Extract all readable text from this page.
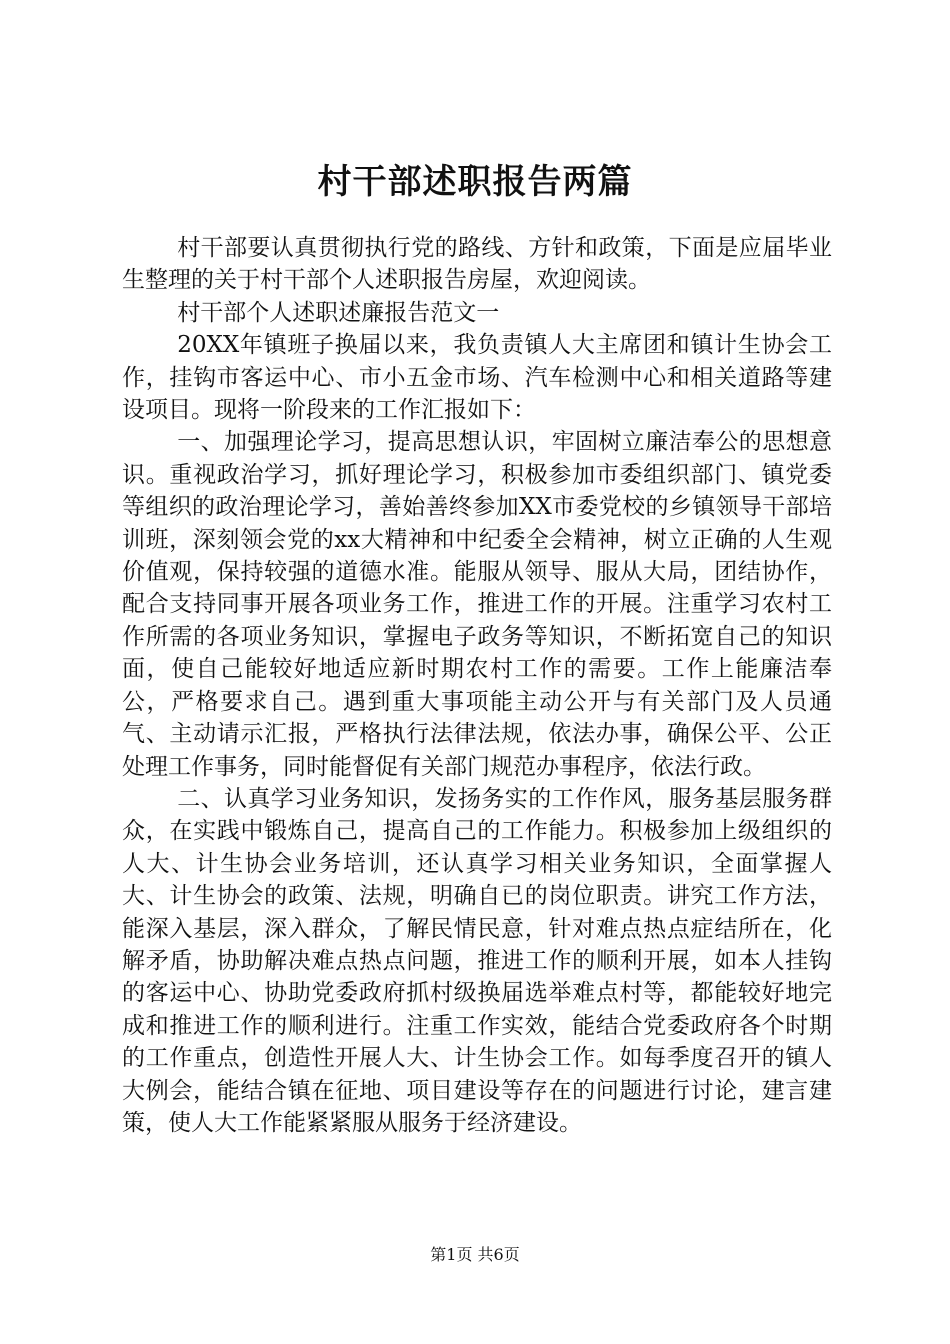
村干部述职报告两篇

村干部要认真贯彻执行党的路线、方针和政策，下面是应届毕业生整理的关于村干部个人述职报告房屋，欢迎阅读。

村干部个人述职述廉报告范文一

20XX年镇班子换届以来，我负责镇人大主席团和镇计生协会工作，挂钩市客运中心、市小五金市场、汽车检测中心和相关道路等建设项目。现将一阶段来的工作汇报如下：

一、加强理论学习，提高思想认识，牢固树立廉洁奉公的思想意识。重视政治学习，抓好理论学习，积极参加市委组织部门、镇党委等组织的政治理论学习，善始善终参加XX市委党校的乡镇领导干部培训班，深刻领会党的xx大精神和中纪委全会精神，树立正确的人生观价值观，保持较强的道德水准。能服从领导、服从大局，团结协作，配合支持同事开展各项业务工作，推进工作的开展。注重学习农村工作所需的各项业务知识，掌握电子政务等知识，不断拓宽自己的知识面，使自己能较好地适应新时期农村工作的需要。工作上能廉洁奉公，严格要求自己。遇到重大事项能主动公开与有关部门及人员通气、主动请示汇报，严格执行法律法规，依法办事，确保公平、公正处理工作事务，同时能督促有关部门规范办事程序，依法行政。

二、认真学习业务知识，发扬务实的工作作风，服务基层服务群众，在实践中锻炼自己，提高自己的工作能力。积极参加上级组织的人大、计生协会业务培训，还认真学习相关业务知识，全面掌握人大、计生协会的政策、法规，明确自已的岗位职责。讲究工作方法，能深入基层，深入群众，了解民情民意，针对难点热点症结所在，化解矛盾，协助解决难点热点问题，推进工作的顺利开展，如本人挂钩的客运中心、协助党委政府抓村级换届选举难点村等，都能较好地完成和推进工作的顺利进行。注重工作实效，能结合党委政府各个时期的工作重点，创造性开展人大、计生协会工作。如每季度召开的镇人大例会，能结合镇在征地、项目建设等存在的问题进行讨论，建言建策，使人大工作能紧紧服从服务于经济建设。

第1页 共6页
